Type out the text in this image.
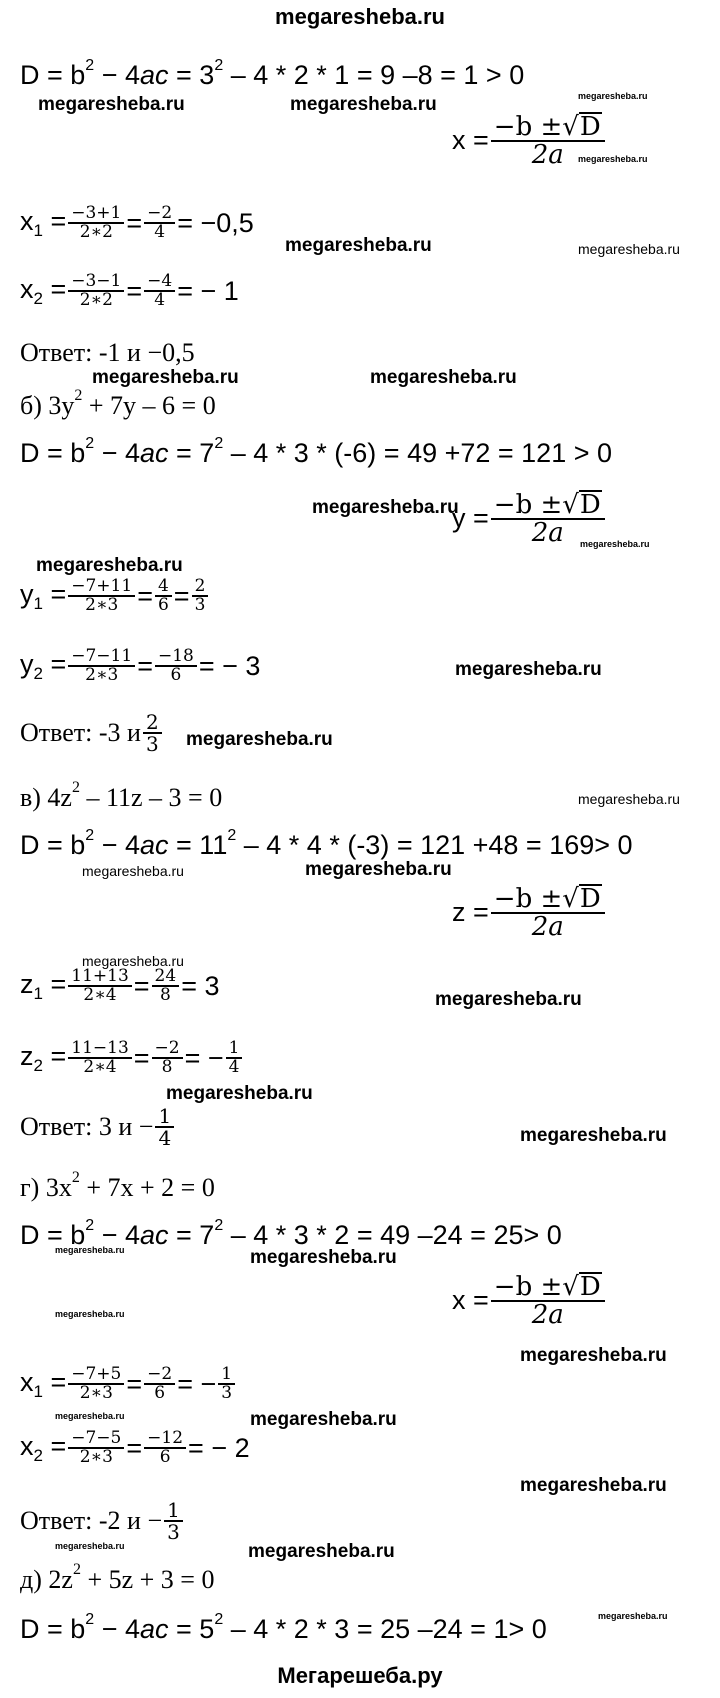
megaresheba.ru
$D = b^2 - 4ac = 3^2 - 4 * 2 * 1 = 9$ –8 = 1 > 0
megaresheba.ru	megaresheba.ru	megaresheba.ru
$x = \frac{-b \pm√ D}{2a}$
megaresheba.ru
$x_1 = \frac{-3+1}{2∗2} = \frac{-2}{4} = -0,5$
megaresheba.ru	megaresheba.ru
$x_2 = \frac{-3-1}{2∗2} = \frac{-4}{4}$ = − 1
Ответ: -1 и −0,5
megaresheba.ru	megaresheba.ru
б) $3y^2 + 7y - 6 = 0$
$D = b^2 - 4ac = 7^2 - 4 * 3 * (-6) = 49 +72 = 121 > 0$
megaresheba.ru
$y = \frac{-b \pm√ D}{2a}$
megaresheba.ru
megaresheba.ru
$y_1 = \frac{-7+11}{2∗3} = \frac{4}{6} = \frac{2}{3}$
$y_2 = \frac{-7-11}{2∗3} = \frac{-18}{6}$ = − 3	megaresheba.ru
Ответ: -3 и $\frac{2}{3}$ megaresheba.ru
в) $4z^2 - 11z - 3 = 0$	megaresheba.ru
$D = b^2 - 4ac = 11^2 - 4 * 4 * (-3) = 121 +48 = 169> 0$
megaresheba.ru	megaresheba.ru
$z = \frac{-b \pm√ D}{2a}$
megaresheba.ru
$z_1 = \frac{11+13}{2∗4} = \frac{24}{8} = 3$	megaresheba.ru
$z_2 = \frac{11-13}{2∗4} = \frac{-2}{8}$ = − $\frac{1}{4}$
megaresheba.ru
Ответ: 3 $и - \frac{1}{4}$	megaresheba.ru
г) $3x^2 + 7x + 2 = 0$
$D = b^2 - 4ac = 7^2 - 4 * 3 * 2 = 49$ –24 = 25> 0
megaresheba.ru	megaresheba.ru
megaresheba.ru	$x = \frac{-b \pm√ D}{2a}$
megaresheba.ru
$x_1 = \frac{-7+5}{2∗3} = \frac{-2}{6}$ = − $\frac{1}{3}$
megaresheba.ru	megaresheba.ru
$x_2 = \frac{-7-5}{2∗3} = \frac{-12}{6}$ = − 2
megaresheba.ru
Ответ: -2 $и - \frac{1}{3}$
megaresheba.ru	megaresheba.ru
д) $2z^2 + 5z + 3 = 0$
$D = b^2 - 4ac = 5^2 - 4 * 2 * 3 = 25$ –24 = 1> 0	megaresheba.ru
Мегарешеба.ру
